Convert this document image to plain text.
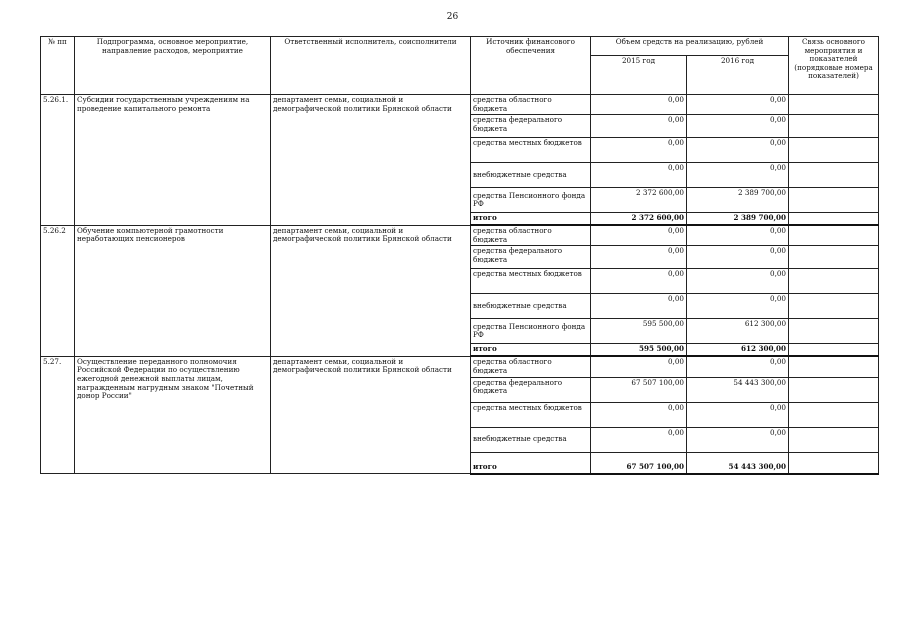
26
№ пп	Подпрограмма, основное мероприятие, направление расходов, мероприятие	Ответственный исполнитель, соисполнители	Источник финансового обеспечения	Объем средств на реализацию, рублей		Связь основного мероприятия и показателей (порядковые номера показателей)
				2015 год	2016 год	
5.26.1.	Субсидии государственным учреждениям на проведение капитального ремонта	департамент семьи, социальной и демографической политики Брянской области	средства областного бюджета	0,00	0,00	
			средства федерального бюджета	0,00	0,00	
			средства местных бюджетов	0,00	0,00	
			внебюджетные средства	0,00	0,00	
			средства Пенсионного фонда РФ	2 372 600,00	2 389 700,00	
			итого	2 372 600,00	2 389 700,00	
5.26.2	Обучение компьютерной грамотности неработающих пенсионеров	департамент семьи, социальной и демографической политики Брянской области	средства областного бюджета	0,00	0,00	
			средства федерального бюджета	0,00	0,00	
			средства местных бюджетов	0,00	0,00	
			внебюджетные средства	0,00	0,00	
			средства Пенсионного фонда РФ	595 500,00	612 300,00	
			итого	595 500,00	612 300,00	
5.27.	Осуществление переданного полномочия Российской Федерации по осуществлению ежегодной денежной выплаты лицам, награжденным нагрудным знаком "Почетный донор России"	департамент семьи, социальной и демографической политики Брянской области	средства областного бюджета	0,00	0,00	
			средства федерального бюджета	67 507 100,00	54 443 300,00	
			средства местных бюджетов	0,00	0,00	
			внебюджетные средства	0,00	0,00	
			итого	67 507 100,00	54 443 300,00	
